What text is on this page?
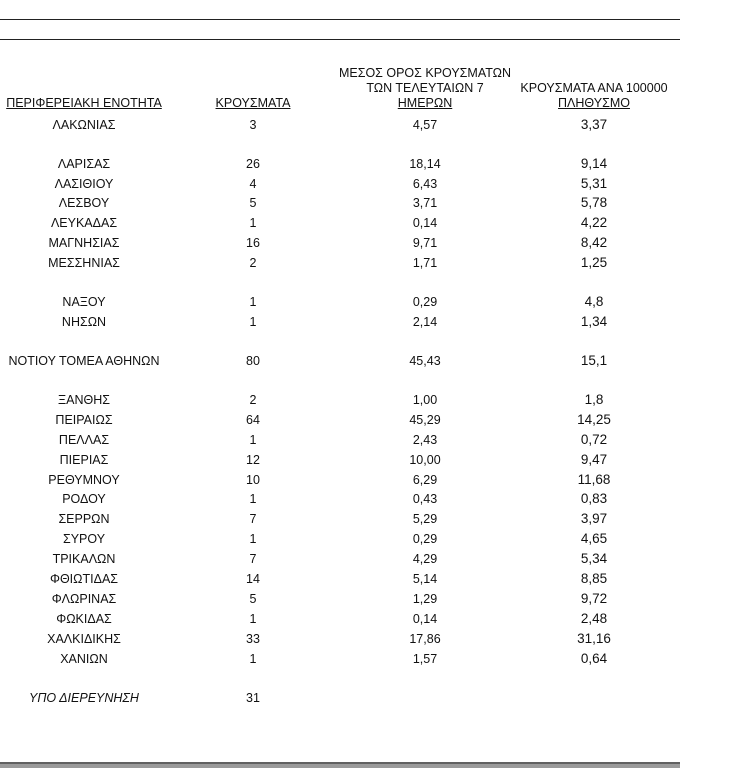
ΠΕΡΙΦΕΡΕΙΑΚΗ ΕΝΟΤΗΤΑ	ΚΡΟΥΣΜΑΤΑ
ΜΕΣΟΣ ΟΡΟΣ ΚΡΟΥΣΜΑΤΩΝ
ΤΩΝ ΤΕΛΕΥΤΑΙΩΝ 7
ΗΜΕΡΩΝ
ΚΡΟΥΣΜΑΤΑ ΑΝΑ 100000
ΠΛΗΘΥΣΜΟ
ΛΑΚΩΝΙΑΣ	3	4,57	3,37
ΛΑΡΙΣΑΣ	26	18,14	9,14
ΛΑΣΙΘΙΟΥ	4	6,43	5,31
ΛΕΣΒΟΥ	5	3,71	5,78
ΛΕΥΚΑΔΑΣ	1	0,14	4,22
ΜΑΓΝΗΣΙΑΣ	16	9,71	8,42
ΜΕΣΣΗΝΙΑΣ	2	1,71	1,25
ΝΑΞΟΥ	1	0,29	4,8
ΝΗΣΩΝ	1	2,14	1,34
ΝΟΤΙΟΥ ΤΟΜΕΑ ΑΘΗΝΩΝ	80	45,43	15,1
ΞΑΝΘΗΣ	2	1,00	1,8
ΠΕΙΡΑΙΩΣ	64	45,29	14,25
ΠΕΛΛΑΣ	1	2,43	0,72
ΠΙΕΡΙΑΣ	12	10,00	9,47
ΡΕΘΥΜΝΟΥ	10	6,29	11,68
ΡΟΔΟΥ	1	0,43	0,83
ΣΕΡΡΩΝ	7	5,29	3,97
ΣΥΡΟΥ	1	0,29	4,65
ΤΡΙΚΑΛΩΝ	7	4,29	5,34
ΦΘΙΩΤΙΔΑΣ	14	5,14	8,85
ΦΛΩΡΙΝΑΣ	5	1,29	9,72
ΦΩΚΙΔΑΣ	1	0,14	2,48
ΧΑΛΚΙΔΙΚΗΣ	33	17,86	31,16
ΧΑΝΙΩΝ	1	1,57	0,64
ΥΠΟ ΔΙΕΡΕΥΝΗΣΗ	31
